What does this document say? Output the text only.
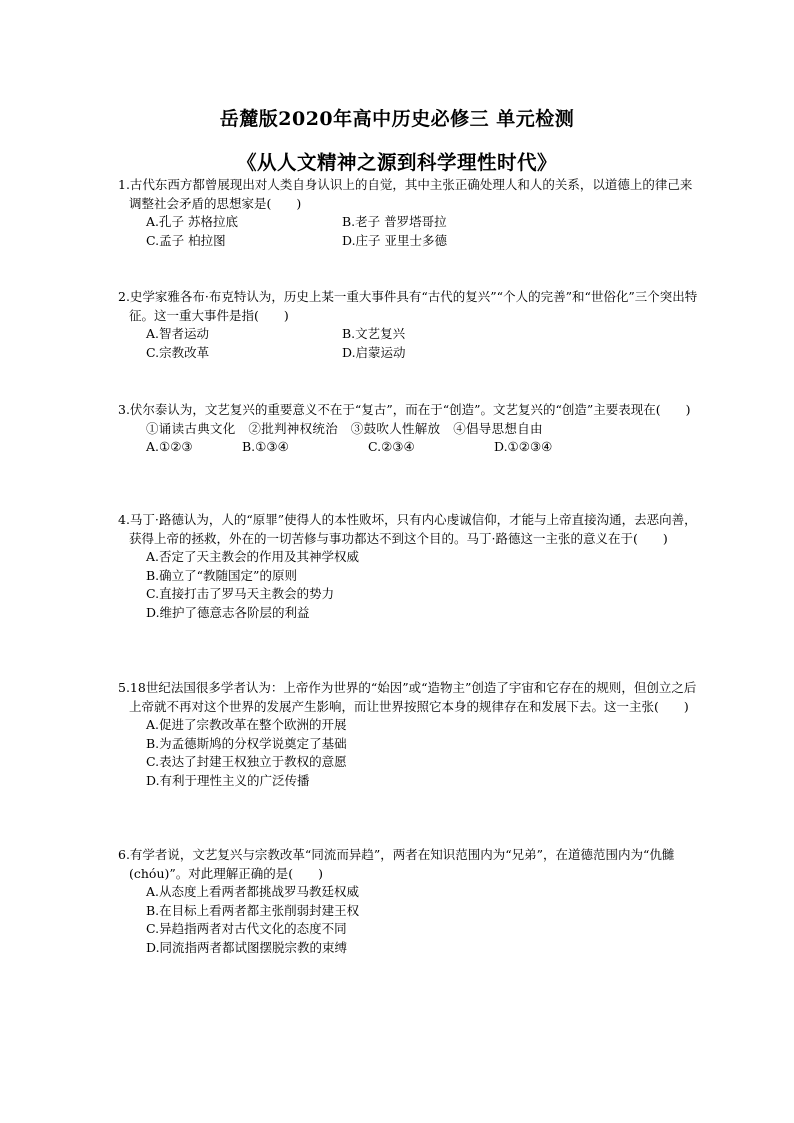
岳麓版2020年高中历史必修三 单元检测
《从人文精神之源到科学理性时代》
1.古代东西方都曾展现出对人类自身认识上的自觉，其中主张正确处理人和人的关系，以道德上的律己来调整社会矛盾的思想家是(　　)
A.孔子 苏格拉底	B.老子 普罗塔哥拉
C.孟子 柏拉图	D.庄子 亚里士多德
2.史学家雅各布·布克特认为，历史上某一重大事件具有“古代的复兴”“个人的完善”和“世俗化”三个突出特征。这一重大事件是指(　　)
A.智者运动	B.文艺复兴
C.宗教改革	D.启蒙运动
3.伏尔泰认为，文艺复兴的重要意义不在于“复古”，而在于“创造”。文艺复兴的“创造”主要表现在(　　)
①诵读古典文化　②批判神权统治　③鼓吹人性解放　④倡导思想自由
A.①②③	B.①③④	C.②③④	D.①②③④
4.马丁·路德认为，人的“原罪”使得人的本性败坏，只有内心虔诚信仰，才能与上帝直接沟通，去恶向善，获得上帝的拯救，外在的一切苦修与事功都达不到这个目的。马丁·路德这一主张的意义在于(　　)
A.否定了天主教会的作用及其神学权威
B.确立了“教随国定”的原则
C.直接打击了罗马天主教会的势力
D.维护了德意志各阶层的利益
5.18世纪法国很多学者认为：上帝作为世界的“始因”或“造物主”创造了宇宙和它存在的规则，但创立之后上帝就不再对这个世界的发展产生影响，而让世界按照它本身的规律存在和发展下去。这一主张(　　)
A.促进了宗教改革在整个欧洲的开展
B.为孟德斯鸠的分权学说奠定了基础
C.表达了封建王权独立于教权的意愿
D.有利于理性主义的广泛传播
6.有学者说，文艺复兴与宗教改革“同流而异趋”，两者在知识范围内为“兄弟”，在道德范围内为“仇雠(chóu)”。对此理解正确的是(　　)
A.从态度上看两者都挑战罗马教廷权威
B.在目标上看两者都主张削弱封建王权
C.异趋指两者对古代文化的态度不同
D.同流指两者都试图摆脱宗教的束缚
